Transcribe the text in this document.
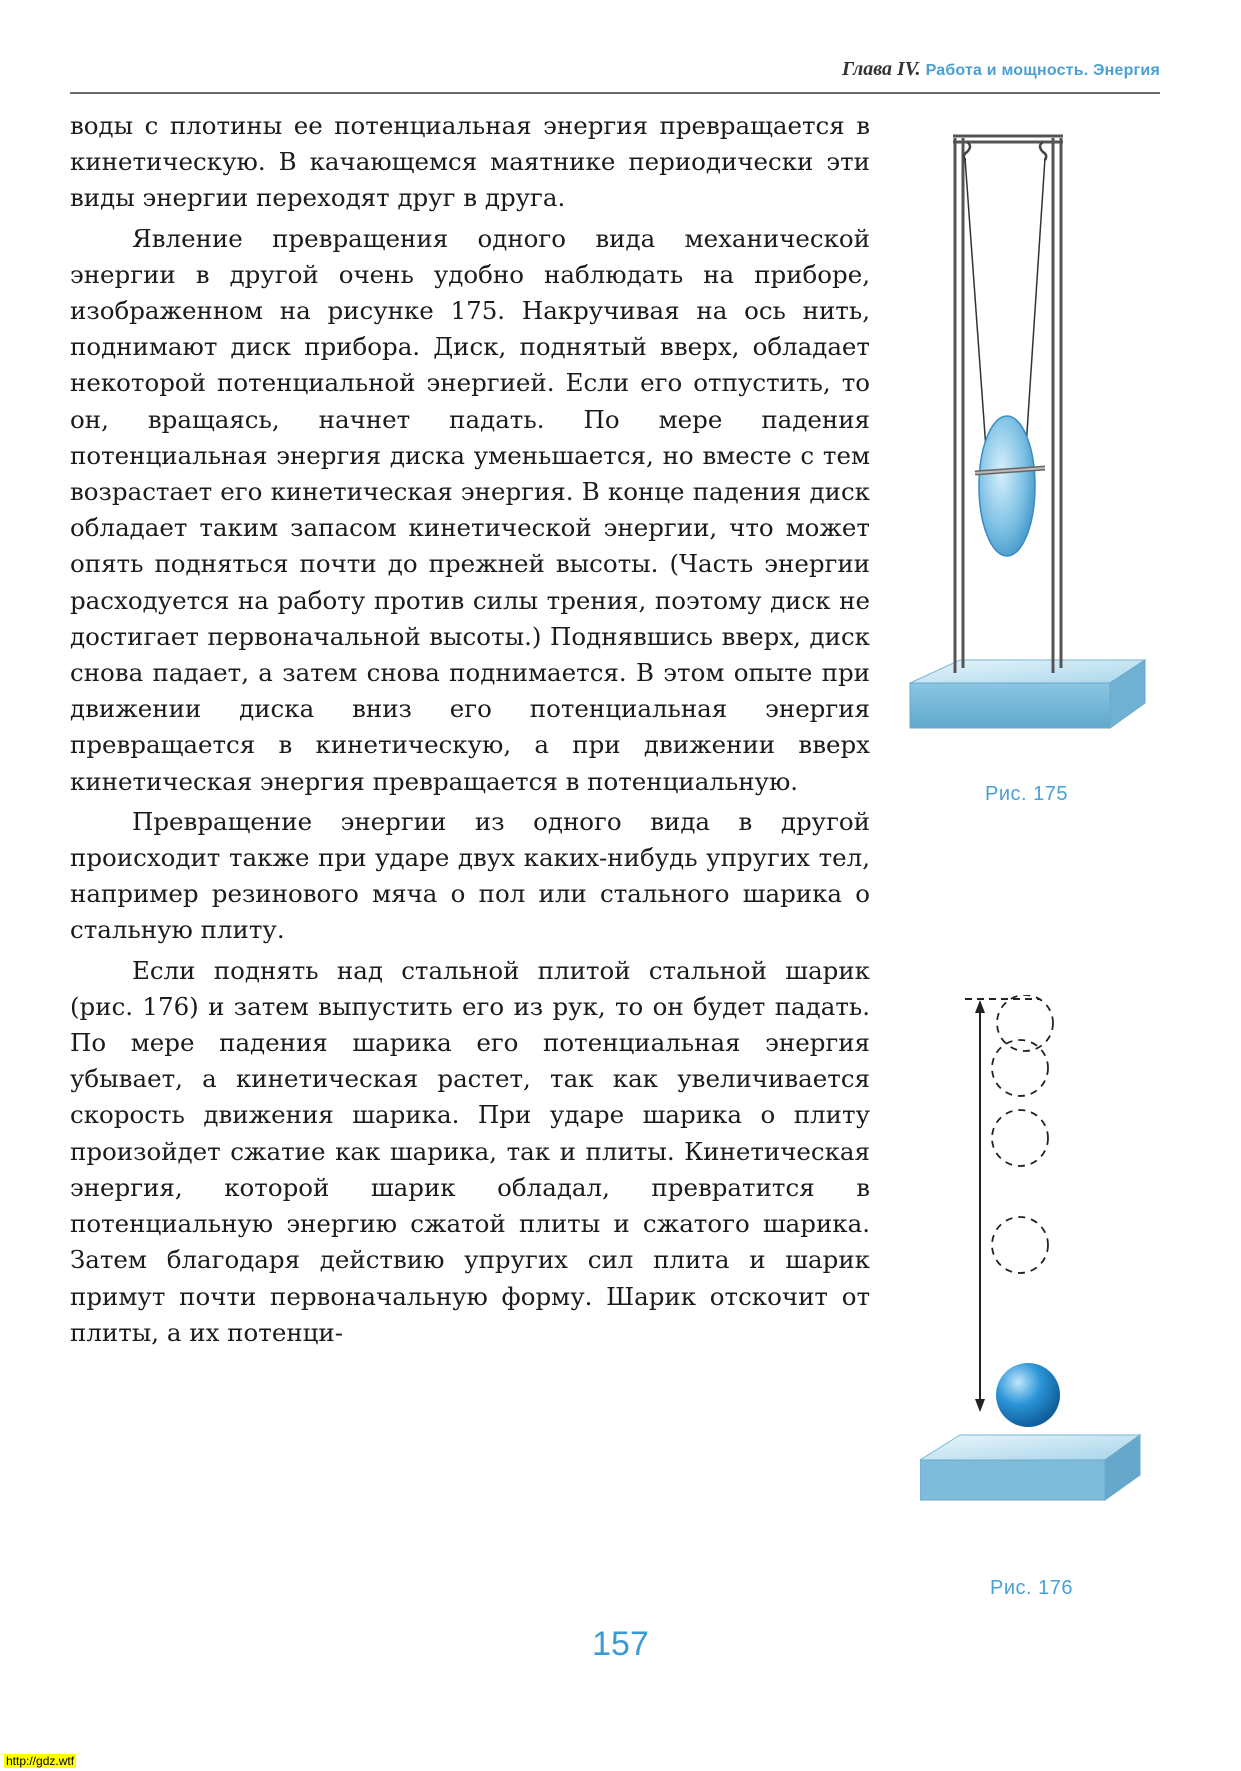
Глава IV. Работа и мощность. Энергия

воды с плотины ее потенциальная энергия превращается в кинетическую. В качающемся маятнике периодически эти виды энергии переходят друг в друга.

Явление превращения одного вида механической энергии в другой очень удобно наблюдать на приборе, изображенном на рисунке 175. Накручивая на ось нить, поднимают диск прибора. Диск, поднятый вверх, обладает некоторой потенциальной энергией. Если его отпустить, то он, вращаясь, начнет падать. По мере падения потенциальная энергия диска уменьшается, но вместе с тем возрастает его кинетическая энергия. В конце падения диск обладает таким запасом кинетической энергии, что может опять подняться почти до прежней высоты. (Часть энергии расходуется на работу против силы трения, поэтому диск не достигает первоначальной высоты.) Поднявшись вверх, диск снова падает, а затем снова поднимается. В этом опыте при движении диска вниз его потенциальная энергия превращается в кинетическую, а при движении вверх кинетическая энергия превращается в потенциальную.

Превращение энергии из одного вида в другой происходит также при ударе двух каких-нибудь упругих тел, например резинового мяча о пол или стального шарика о стальную плиту.

Если поднять над стальной плитой стальной шарик (рис. 176) и затем выпустить его из рук, то он будет падать. По мере падения шарика его потенциальная энергия убывает, а кинетическая растет, так как увеличивается скорость движения шарика. При ударе шарика о плиту произойдет сжатие как шарика, так и плиты. Кинетическая энергия, которой шарик обладал, превратится в потенциальную энергию сжатой плиты и сжатого шарика. Затем благодаря действию упругих сил плита и шарик примут почти первоначальную форму. Шарик отскочит от плиты, а их потенци-

Рис. 175
Рис. 176
157
http://gdz.wtf
